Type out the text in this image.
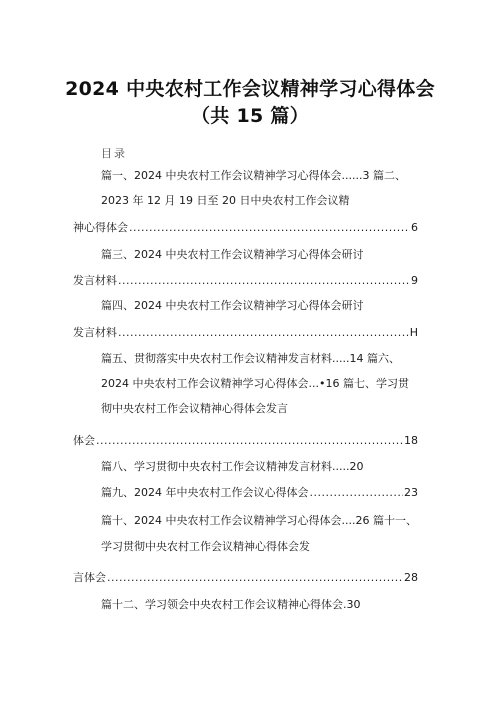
2024 中央农村工作会议精神学习心得体会
（共 15 篇）
目录
篇一、2024 中央农村工作会议精神学习心得体会......3 篇二、
2023 年 12 月 19 日至 20 日中央农村工作会议精
神心得体会 .....	6
篇三、2024 中央农村工作会议精神学习心得体会研讨
发言材料 .....	9
篇四、2024 中央农村工作会议精神学习心得体会研讨
发言材料 .....	H
篇五、贯彻落实中央农村工作会议精神发言材料.....14 篇六、
2024 中央农村工作会议精神学习心得体会...•16 篇七、学习贯
彻中央农村工作会议精神心得体会发言
体会 .....	18
篇八、学习贯彻中央农村工作会议精神发言材料.....20
篇九、2024 年中央农村工作会议心得体会 .....	23
篇十、2024 中央农村工作会议精神学习心得体会....26 篇十一、
学习贯彻中央农村工作会议精神心得体会发
言体会 .....	28
篇十二、学习领会中央农村工作会议精神心得体会.30
